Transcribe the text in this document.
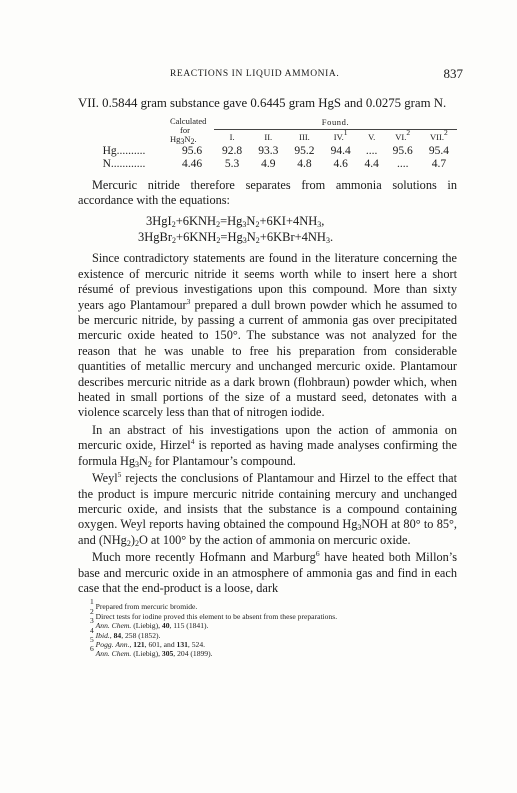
REACTIONS IN LIQUID AMMONIA.	837

VII. 0.5844 gram substance gave 0.6445 gram HgS and 0.0275 gram N.

	Calculated
for
$Hg_3N_2$.	Found.						
		I.	II.	III.	IV.$^1$	V.	VI.$^2$	VII.$^2$
Hg..........	95.6	92.8	93.3	95.2	94.4	....	95.6	95.4
N............	4.46	5.3	4.9	4.8	4.6	4.4	....	4.7

Mercuric nitride therefore separates from ammonia solutions in accordance with the equations:

$3HgI_2+6KNH_2=Hg_3N_2+6KI+4NH_3$,
$3HgBr_2+6KNH_2=Hg_3N_2+6KBr+4NH_3$.

Since contradictory statements are found in the literature concerning the existence of mercuric nitride it seems worth while to insert here a short résumé of previous investigations upon this compound. More than sixty years ago Plantamour$^3$ prepared a dull brown powder which he assumed to be mercuric nitride, by passing a current of ammonia gas over precipitated mercuric oxide heated to 150°. The substance was not analyzed for the reason that he was unable to free his preparation from considerable quantities of metallic mercury and unchanged mercuric oxide. Plantamour describes mercuric nitride as a dark brown (flohbraun) powder which, when heated in small portions of the size of a mustard seed, detonates with a violence scarcely less than that of nitrogen iodide.

In an abstract of his investigations upon the action of ammonia on mercuric oxide, Hirzel$^4$ is reported as having made analyses confirming the formula $Hg_3N_2$ for Plantamour’s compound.

Weyl$^5$ rejects the conclusions of Plantamour and Hirzel to the effect that the product is impure mercuric nitride containing mercury and unchanged mercuric oxide, and insists that the substance is a compound containing oxygen. Weyl reports having obtained the compound $Hg_3NOH$ at 80° to 85°, and $(NHg_2)_2O$ at 100° by the action of ammonia on mercuric oxide.

Much more recently Hofmann and Marburg$^6$ have heated both Millon’s base and mercuric oxide in an atmosphere of ammonia gas and find in each case that the end-product is a loose, dark

$^1$ Prepared from mercuric bromide.
$^2$ Direct tests for iodine proved this element to be absent from these preparations.
$^3$ Ann. Chem. (Liebig), 40, 115 (1841).
$^4$ Ibid., 84, 258 (1852).
$^5$ Pogg. Ann., 121, 601, and 131, 524.
$^6$ Ann. Chem. (Liebig), 305, 204 (1899).
